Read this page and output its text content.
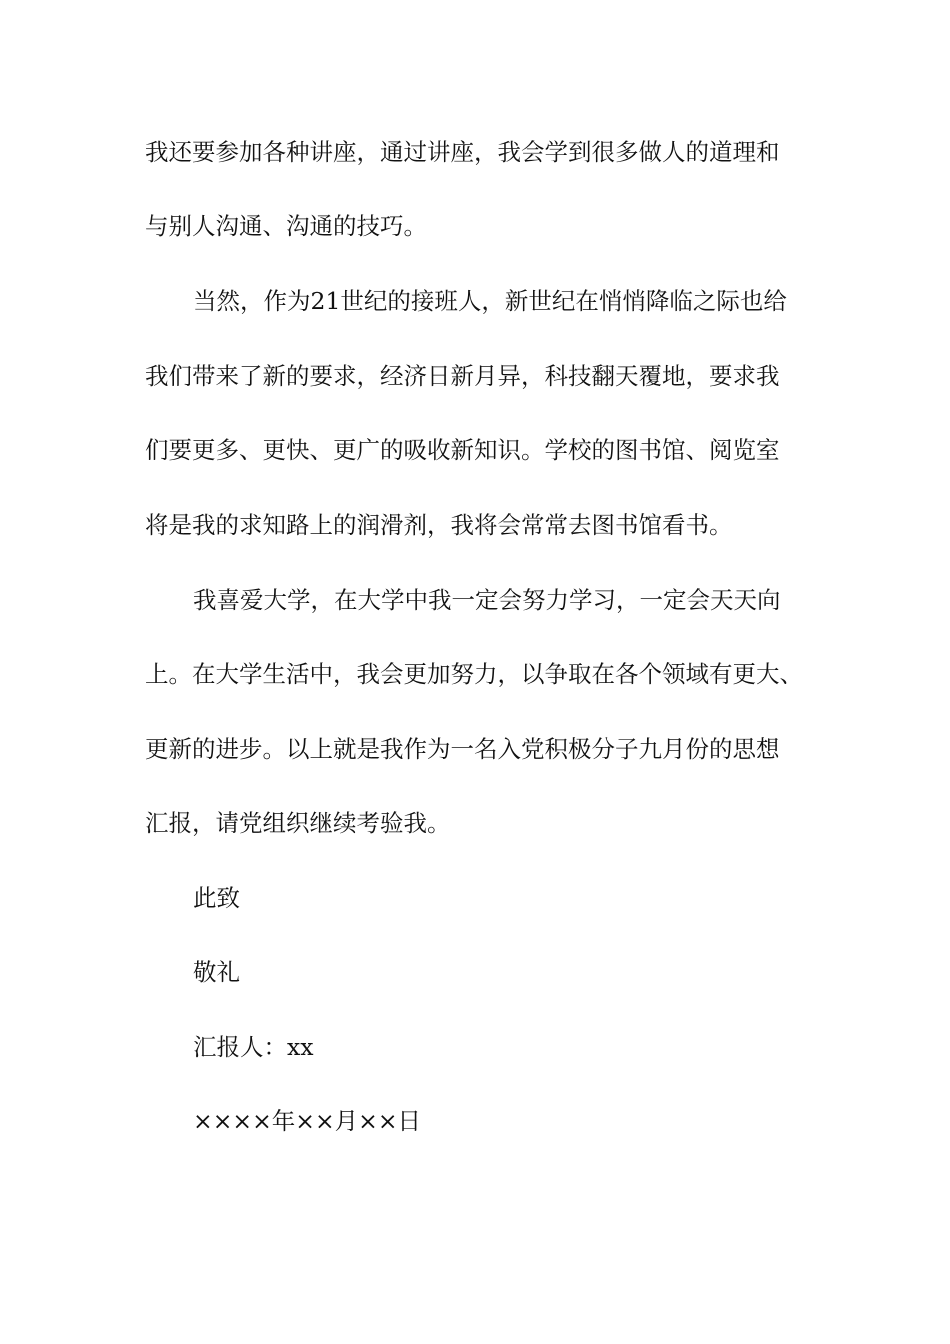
我还要参加各种讲座，通过讲座，我会学到很多做人的道理和

与别人沟通、沟通的技巧。

当然，作为21世纪的接班人，新世纪在悄悄降临之际也给

我们带来了新的要求，经济日新月异，科技翻天覆地，要求我

们要更多、更快、更广的吸收新知识。学校的图书馆、阅览室

将是我的求知路上的润滑剂，我将会常常去图书馆看书。

我喜爱大学，在大学中我一定会努力学习，一定会天天向

上。在大学生活中，我会更加努力，以争取在各个领域有更大、

更新的进步。以上就是我作为一名入党积极分子九月份的思想

汇报，请党组织继续考验我。

此致

敬礼

汇报人：xx

××××年××月××日
